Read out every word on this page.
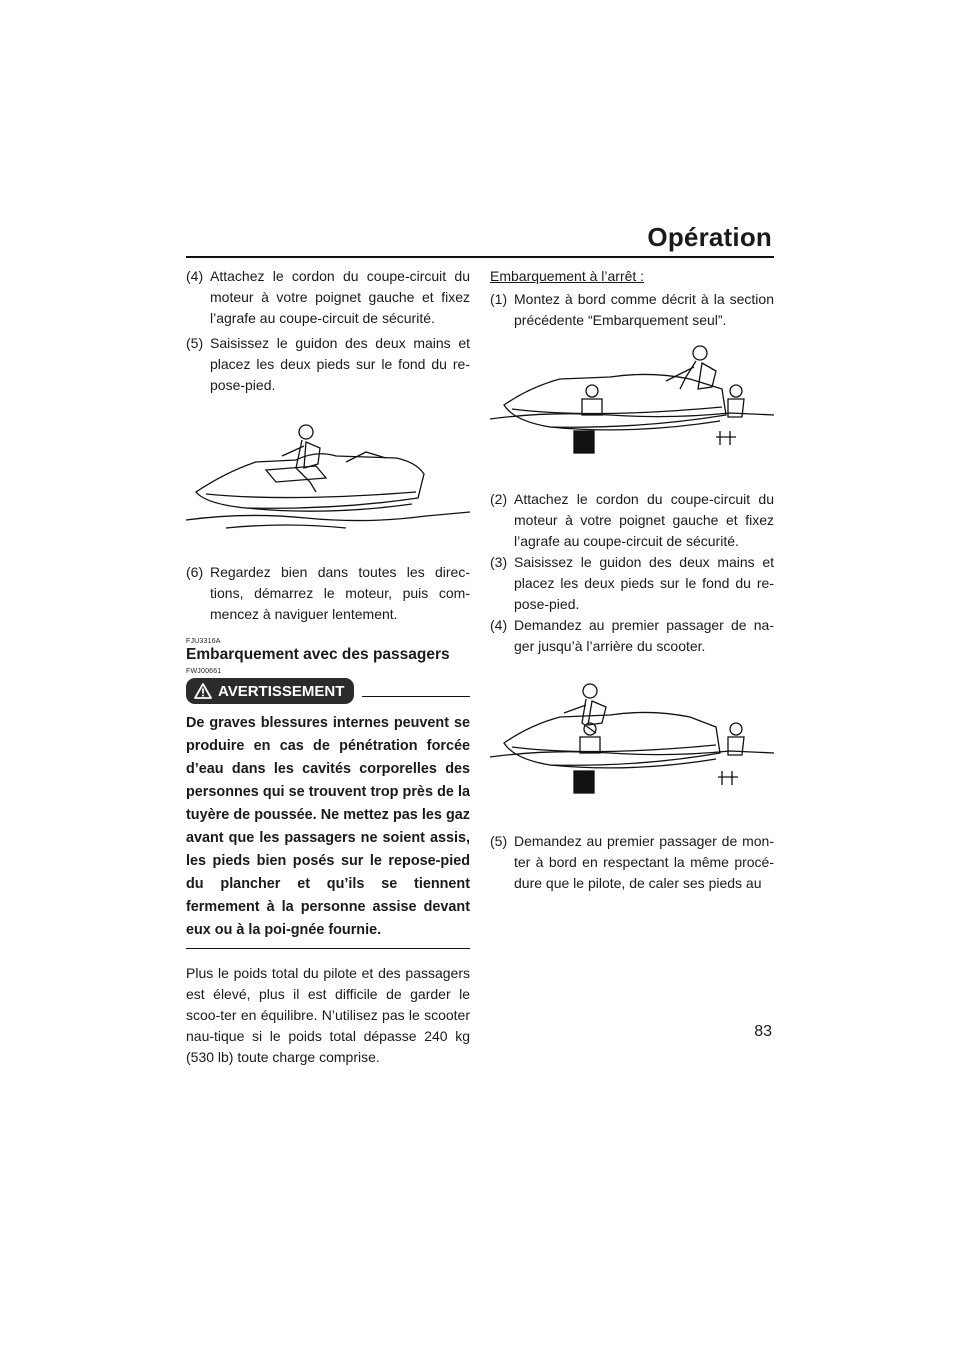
Opération

(4) Attachez le cordon du coupe-circuit du moteur à votre poignet gauche et fixez l’agrafe au coupe-circuit de sécurité.

(5) Saisissez le guidon des deux mains et placez les deux pieds sur le fond du re-pose-pied.

(6) Regardez bien dans toutes les direc-tions, démarrez le moteur, puis com-mencez à naviguer lentement.

FJU3316A
Embarquement avec des passagers
FWJ00661
AVERTISSEMENT

De graves blessures internes peuvent se produire en cas de pénétration forcée d’eau dans les cavités corporelles des personnes qui se trouvent trop près de la tuyère de poussée. Ne mettez pas les gaz avant que les passagers ne soient assis, les pieds bien posés sur le repose-pied du plancher et qu’ils se tiennent fermement à la personne assise devant eux ou à la poi-gnée fournie.

Plus le poids total du pilote et des passagers est élevé, plus il est difficile de garder le scoo-ter en équilibre. N’utilisez pas le scooter nau-tique si le poids total dépasse 240 kg (530 lb) toute charge comprise.

Embarquement à l’arrêt :

(1) Montez à bord comme décrit à la section précédente “Embarquement seul”.

(2) Attachez le cordon du coupe-circuit du moteur à votre poignet gauche et fixez l’agrafe au coupe-circuit de sécurité.

(3) Saisissez le guidon des deux mains et placez les deux pieds sur le fond du re-pose-pied.

(4) Demandez au premier passager de na-ger jusqu’à l’arrière du scooter.

(5) Demandez au premier passager de mon-ter à bord en respectant la même procé-dure que le pilote, de caler ses pieds au

83
